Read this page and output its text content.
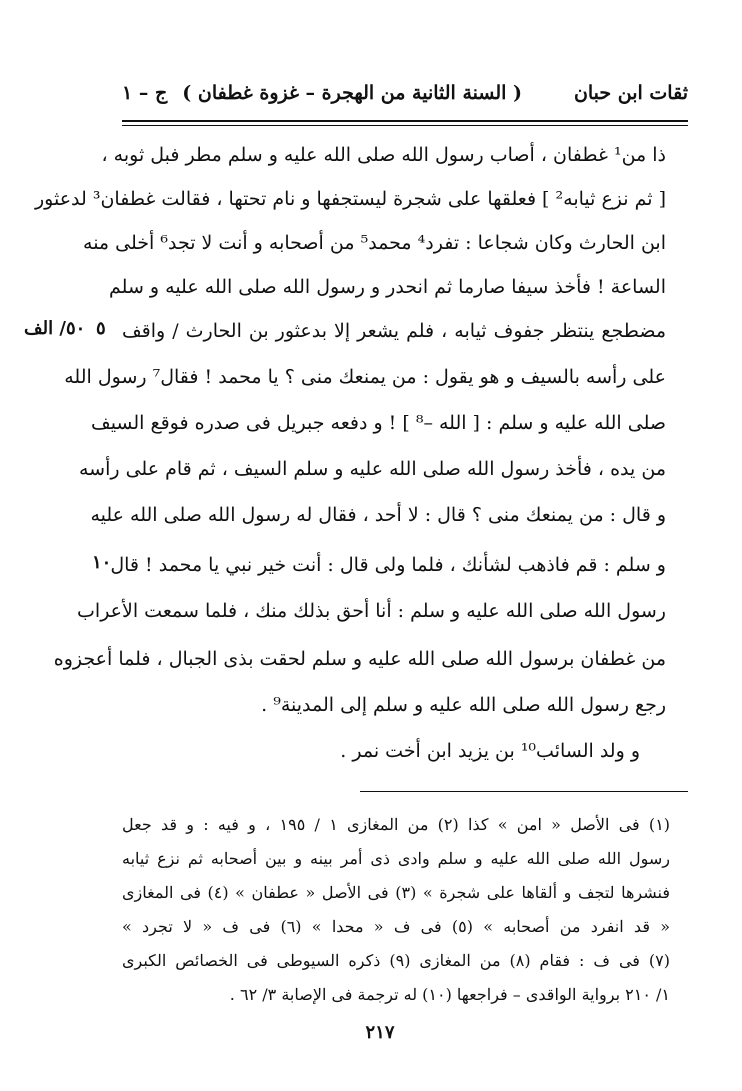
ثقات ابن حبان
( السنة الثانية من الهجرة – غزوة غطفان )
ج – ١
ذا من¹ غطفان ، أصاب رسول الله صلى الله عليه و سلم مطر فبل ثوبه ،
[ ثم نزع ثيابه² ] فعلقها على شجرة ليستجفها و نام تحتها ، فقالت غطفان³ لدعثور
ابن الحارث وكان شجاعا : تفرد⁴ محمد⁵ من أصحابه و أنت لا تجد⁶ أخلى منه
الساعة ! فأخذ سيفا صارما ثم انحدر و رسول الله صلى الله عليه و سلم
مضطجع ينتظر جفوف ثيابه ، فلم يشعر إلا بدعثور بن الحارث / واقف
على رأسه بالسيف و هو يقول : من يمنعك منى ؟ يا محمد ! فقال⁷ رسول الله
صلى الله عليه و سلم : [ الله –⁸ ] ! و دفعه جبريل فى صدره فوقع السيف
من يده ، فأخذ رسول الله صلى الله عليه و سلم السيف ، ثم قام على رأسه
و قال : من يمنعك منى ؟ قال : لا أحد ، فقال له رسول الله صلى الله عليه
و سلم : قم فاذهب لشأنك ، فلما ولى قال : أنت خير نبي يا محمد ! قال
رسول الله صلى الله عليه و سلم : أنا أحق بذلك منك ، فلما سمعت الأعراب
من غطفان برسول الله صلى الله عليه و سلم لحقت بذى الجبال ، فلما أعجزوه
رجع رسول الله صلى الله عليه و سلم إلى المدينة⁹ .
و ولد السائب¹⁰ بن يزيد ابن أخت نمر .
٥
٥٠/ الف
١٠
(١) فى الأصل « امن » كذا (٢) من المغازى ١ / ١٩٥ ، و فيه : و قد جعل
رسول الله صلى الله عليه و سلم وادى ذى أمر بينه و بين أصحابه ثم نزع ثيابه
فنشرها لتجف و ألقاها على شجرة » (٣) فى الأصل « عطفان » (٤) فى المغازى
« قد انفرد من أصحابه » (٥) فى ف « محدا » (٦) فى ف « لا تجرد »
(٧) فى ف : فقام (٨) من المغازى (٩) ذكره السيوطى فى الخصائص الكبرى
١/ ٢١٠ برواية الواقدى – فراجعها (١٠) له ترجمة فى الإصابة ٣/ ٦٢ .
٢١٧
